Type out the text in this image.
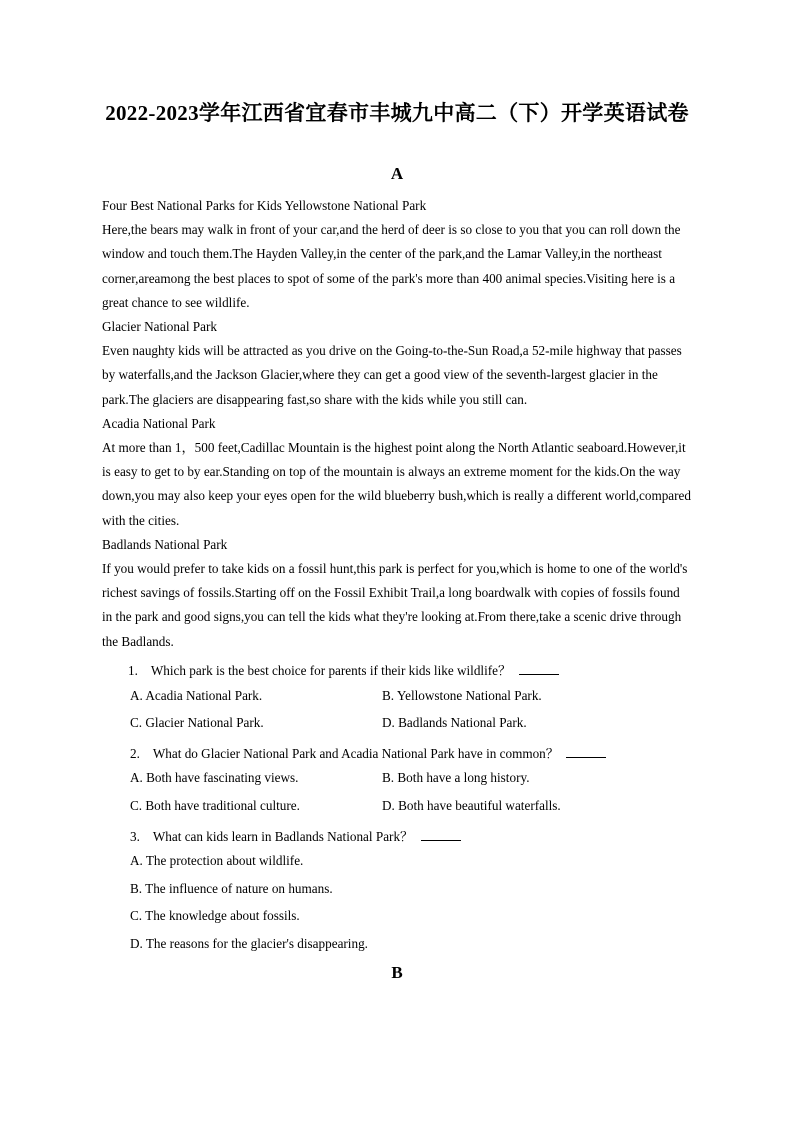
2022-2023学年江西省宜春市丰城九中高二（下）开学英语试卷
A

Four Best National Parks for Kids Yellowstone National Park

Here,the bears may walk in front of your car,and the herd of deer is so close to you that you can roll down the window and touch them.The Hayden Valley,in the center of the park,and the Lamar Valley,in the northeast corner,areamong the best places to spot of some of the park's more than 400 animal species.Visiting here is a great chance to see wildlife.

Glacier National Park

Even naughty kids will be attracted as you drive on the Going-to-the-Sun Road,a 52-mile highway that passes by waterfalls,and the Jackson Glacier,where they can get a good view of the seventh-largest glacier in the park.The glaciers are disappearing fast,so share with the kids while you still can.

Acadia National Park

At more than 1，500 feet,Cadillac Mountain is the highest point along the North Atlantic seaboard.However,it is easy to get to by ear.Standing on top of the mountain is always an extreme moment for the kids.On the way down,you may also keep your eyes open for the wild blueberry bush,which is really a different world,compared with the cities.

Badlands National Park

If you would prefer to take kids on a fossil hunt,this park is perfect for you,which is home to one of the world's richest savings of fossils.Starting off on the Fossil Exhibit Trail,a long boardwalk with copies of fossils found in the park and good signs,you can tell the kids what they're looking at.From there,take a scenic drive through the Badlands.

1. Which park is the best choice for parents if their kids like wildlife？
A. Acadia National Park.	B. Yellowstone National Park.
C. Glacier National Park.	D. Badlands National Park.
2. What do Glacier National Park and Acadia National Park have in common？
A. Both have fascinating views.	B. Both have a long history.
C. Both have traditional culture.	D. Both have beautiful waterfalls.
3. What can kids learn in Badlands National Park？
A. The protection about wildlife.
B. The influence of nature on humans.
C. The knowledge about fossils.
D. The reasons for the glacier's disappearing.
B
